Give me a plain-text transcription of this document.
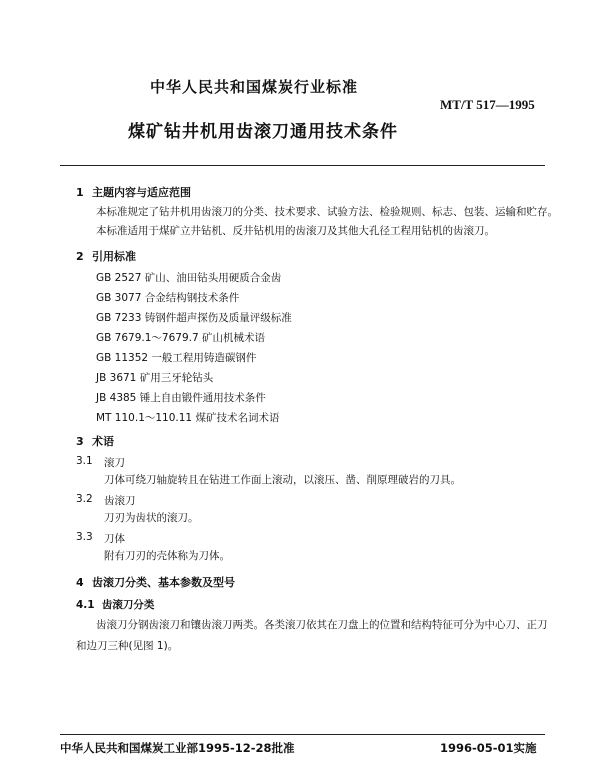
中华人民共和国煤炭行业标准
MT/T 517—1995
煤矿钻井机用齿滚刀通用技术条件
1 主题内容与适应范围
本标准规定了钻井机用齿滚刀的分类、技术要求、试验方法、检验规则、标志、包装、运输和贮存。
本标准适用于煤矿立井钻机、反井钻机用的齿滚刀及其他大孔径工程用钻机的齿滚刀。
2 引用标准
GB 2527 矿山、油田钻头用硬质合金齿
GB 3077 合金结构钢技术条件
GB 7233 铸钢件超声探伤及质量评级标准
GB 7679.1～7679.7 矿山机械术语
GB 11352 一般工程用铸造碳钢件
JB 3671 矿用三牙轮钻头
JB 4385 锤上自由锻件通用技术条件
MT 110.1～110.11 煤矿技术名词术语
3 术语
3.1 滚刀
刀体可绕刀轴旋转且在钻进工作面上滚动，以滚压、凿、削原理破岩的刀具。
3.2 齿滚刀
刀刃为齿状的滚刀。
3.3 刀体
附有刀刃的壳体称为刀体。
4 齿滚刀分类、基本参数及型号
4.1 齿滚刀分类
齿滚刀分钢齿滚刀和镶齿滚刀两类。各类滚刀依其在刀盘上的位置和结构特征可分为中心刀、正刀
和边刀三种(见图 1)。
中华人民共和国煤炭工业部1995-12-28批准	1996-05-01实施
